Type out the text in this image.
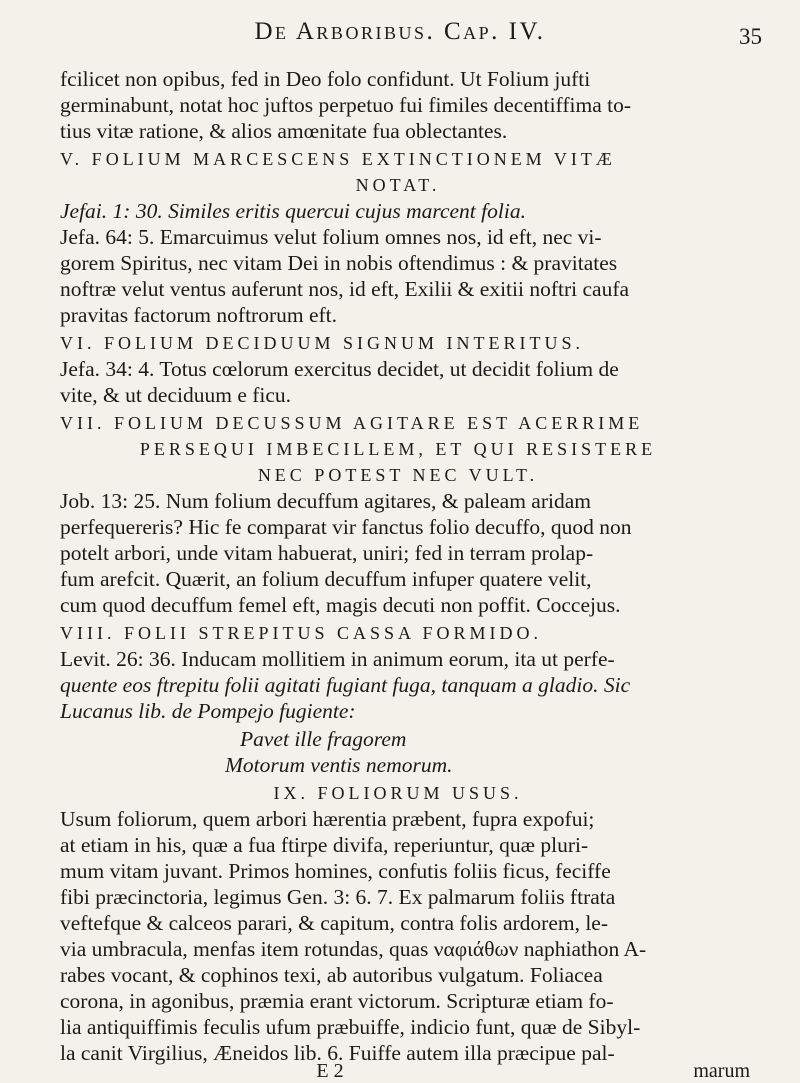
De Arboribus. Cap. IV.	35
fcilicet non opibus, fed in Deo folo confidunt. Ut Folium jufti
germinabunt, notat hoc juftos perpetuo fui fimiles decentiffima to-
tius vitæ ratione, & alios amœnitate fua oblectantes.
V. FOLIUM MARCESCENS EXTINCTIONEM VITÆ
NOTAT.
Jefai. 1: 30. Similes eritis quercui cujus marcent folia.
Jefa. 64: 5. Emarcuimus velut folium omnes nos, id eft, nec vi-
gorem Spiritus, nec vitam Dei in nobis oftendimus : & pravitates
noftræ velut ventus auferunt nos, id eft, Exilii & exitii noftri caufa
pravitas factorum noftrorum eft.
VI. FOLIUM DECIDUUM SIGNUM INTERITUS.
Jefa. 34: 4. Totus cœlorum exercitus decidet, ut decidit folium de
vite, & ut deciduum e ficu.
VII. FOLIUM DECUSSUM AGITARE EST ACERRIME
PERSEQUI IMBECILLEM, ET QUI RESISTERE
NEC POTEST NEC VULT.
Job. 13: 25. Num folium decuffum agitares, & paleam aridam
perfequereris? Hic fe comparat vir fanctus folio decuffo, quod non
potelt arbori, unde vitam habuerat, uniri; fed in terram prolap-
fum arefcit. Quærit, an folium decuffum infuper quatere velit,
cum quod decuffum femel eft, magis decuti non poffit. Coccejus.
VIII. FOLII STREPITUS CASSA FORMIDO.
Levit. 26: 36. Inducam mollitiem in animum eorum, ita ut perfe-
quente eos ftrepitu folii agitati fugiant fuga, tanquam a gladio. Sic
Lucanus lib. de Pompejo fugiente:
Pavet ille fragorem
Motorum ventis nemorum.
IX. FOLIORUM USUS.
Usum foliorum, quem arbori hærentia præbent, fupra expofui;
at etiam in his, quæ a fua ftirpe divifa, reperiuntur, quæ pluri-
mum vitam juvant. Primos homines, confutis foliis ficus, feciffe
fibi præcinctoria, legimus Gen. 3: 6. 7. Ex palmarum foliis ftrata
veftefque & calceos parari, & capitum, contra folis ardorem, le-
via umbracula, menfas item rotundas, quas ναφιάθων naphiathon A-
rabes vocant, & cophinos texi, ab autoribus vulgatum. Foliacea
corona, in agonibus, præmia erant victorum. Scripturæ etiam fo-
lia antiquiffimis feculis ufum præbuiffe, indicio funt, quæ de Sibyl-
la canit Virgilius, Æneidos lib. 6. Fuiffe autem illa præcipue pal-
E 2	marum
